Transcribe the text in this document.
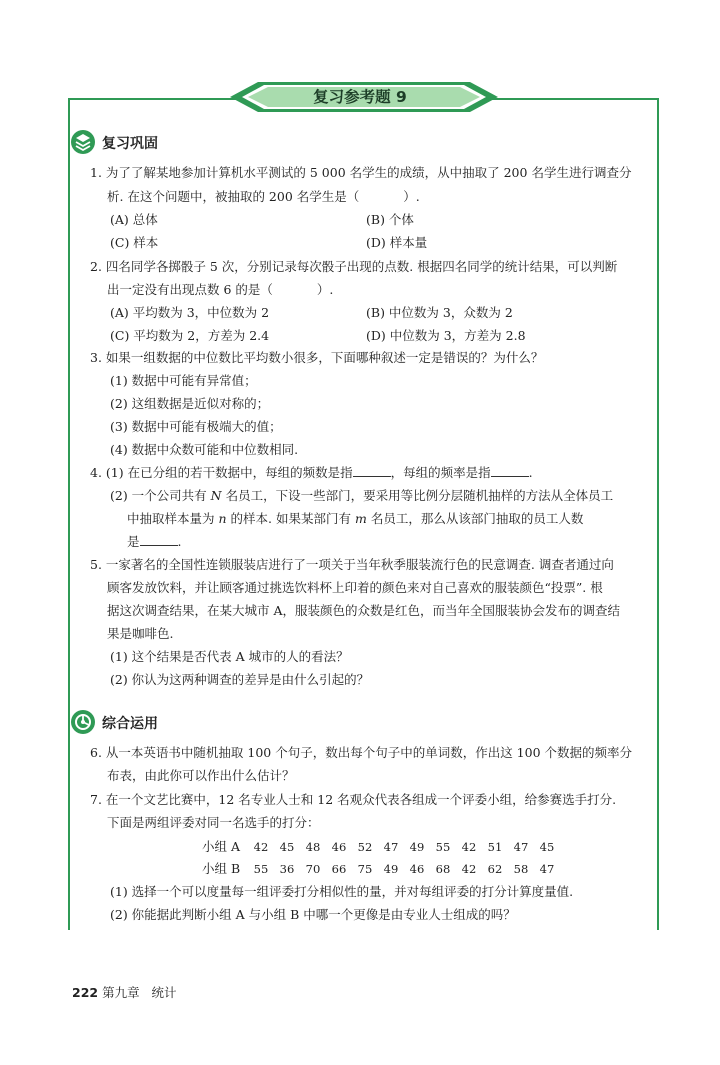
复习参考题 9
复习巩固
1. 为了了解某地参加计算机水平测试的 5 000 名学生的成绩，从中抽取了 200 名学生进行调查分
析. 在这个问题中，被抽取的 200 名学生是（	）.
(A) 总体	(B) 个体
(C) 样本	(D) 样本量
2. 四名同学各掷骰子 5 次，分别记录每次骰子出现的点数. 根据四名同学的统计结果，可以判断
出一定没有出现点数 6 的是（	）.
(A) 平均数为 3，中位数为 2	(B) 中位数为 3，众数为 2
(C) 平均数为 2，方差为 2.4	(D) 中位数为 3，方差为 2.8
3. 如果一组数据的中位数比平均数小很多，下面哪种叙述一定是错误的？为什么？
(1) 数据中可能有异常值；
(2) 这组数据是近似对称的；
(3) 数据中可能有极端大的值；
(4) 数据中众数可能和中位数相同.
4. (1) 在已分组的若干数据中，每组的频数是指	，每组的频率是指	.
(2) 一个公司共有 N 名员工，下设一些部门，要采用等比例分层随机抽样的方法从全体员工
中抽取样本量为 n 的样本. 如果某部门有 m 名员工，那么从该部门抽取的员工人数
是	.
5. 一家著名的全国性连锁服装店进行了一项关于当年秋季服装流行色的民意调查. 调查者通过向
顾客发放饮料，并让顾客通过挑选饮料杯上印着的颜色来对自己喜欢的服装颜色“投票”. 根
据这次调查结果，在某大城市 A，服装颜色的众数是红色，而当年全国服装协会发布的调查结
果是咖啡色.
(1) 这个结果是否代表 A 城市的人的看法？
(2) 你认为这两种调查的差异是由什么引起的？
综合运用
6. 从一本英语书中随机抽取 100 个句子，数出每个句子中的单词数，作出这 100 个数据的频率分
布表，由此你可以作出什么估计？
7. 在一个文艺比赛中，12 名专业人士和 12 名观众代表各组成一个评委小组，给参赛选手打分.
下面是两组评委对同一名选手的打分：
小组 A 42 45 48 46 52 47 49 55 42 51 47 45
小组 B 55 36 70 66 75 49 46 68 42 62 58 47
(1) 选择一个可以度量每一组评委打分相似性的量，并对每组评委的打分计算度量值.
(2) 你能据此判断小组 A 与小组 B 中哪一个更像是由专业人士组成的吗？
222 第九章 统计
